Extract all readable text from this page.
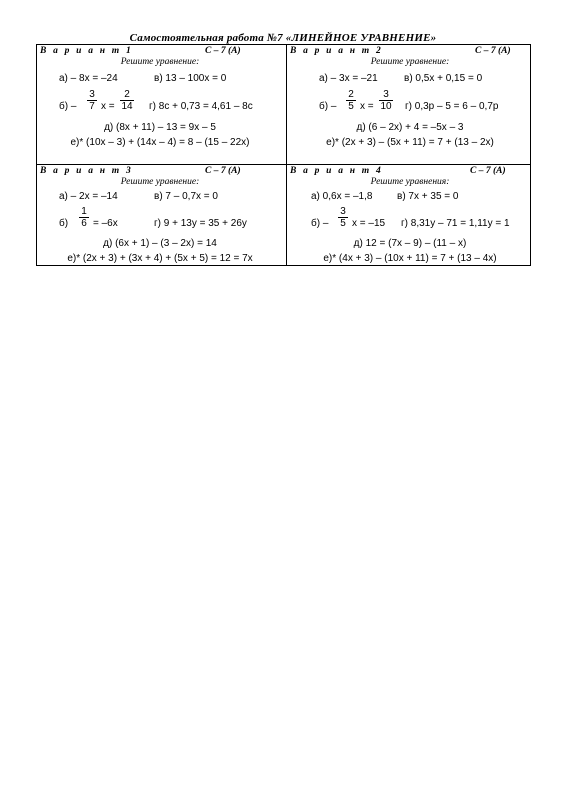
Самостоятельная работа №7 «ЛИНЕЙНОЕ УРАВНЕНИЕ»
В а р и а н т 1	С – 7 (А)
Решите уравнение:
а) – 8x = –24	в) 13 – 100x = 0
б) –
3
7 x =
2
14 г) 8c + 0,73 = 4,61 – 8c
д) (8x + 11) – 13 = 9x – 5
е)* (10x – 3) + (14x – 4) = 8 – (15 – 22x)
В а р и а н т 2	С – 7 (А)
Решите уравнение:
а) – 3x = –21	в) 0,5x + 0,15 = 0
б) –
2
5 x =
3
10 г) 0,3p – 5 = 6 – 0,7p
д) (6 – 2x) + 4 = –5x – 3
е)* (2x + 3) – (5x + 11) = 7 + (13 – 2x)
В а р и а н т 3	С – 7 (А)
Решите уравнение:
а) – 2x = –14	в) 7 – 0,7x = 0
б)
1
6 = –6x	г) 9 + 13y = 35 + 26y
д) (6x + 1) – (3 – 2x) = 14
е)* (2x + 3) + (3x + 4) + (5x + 5) = 12 = 7x
В а р и а н т 4	С – 7 (А)
Решите уравнения:
а) 0,6x = –1,8 в) 7x + 35 = 0
б) –
3
5 x = –15 г) 8,31y – 71 = 1,11y = 1
д) 12 = (7x – 9) – (11 – x)
е)* (4x + 3) – (10x + 11) = 7 + (13 – 4x)
